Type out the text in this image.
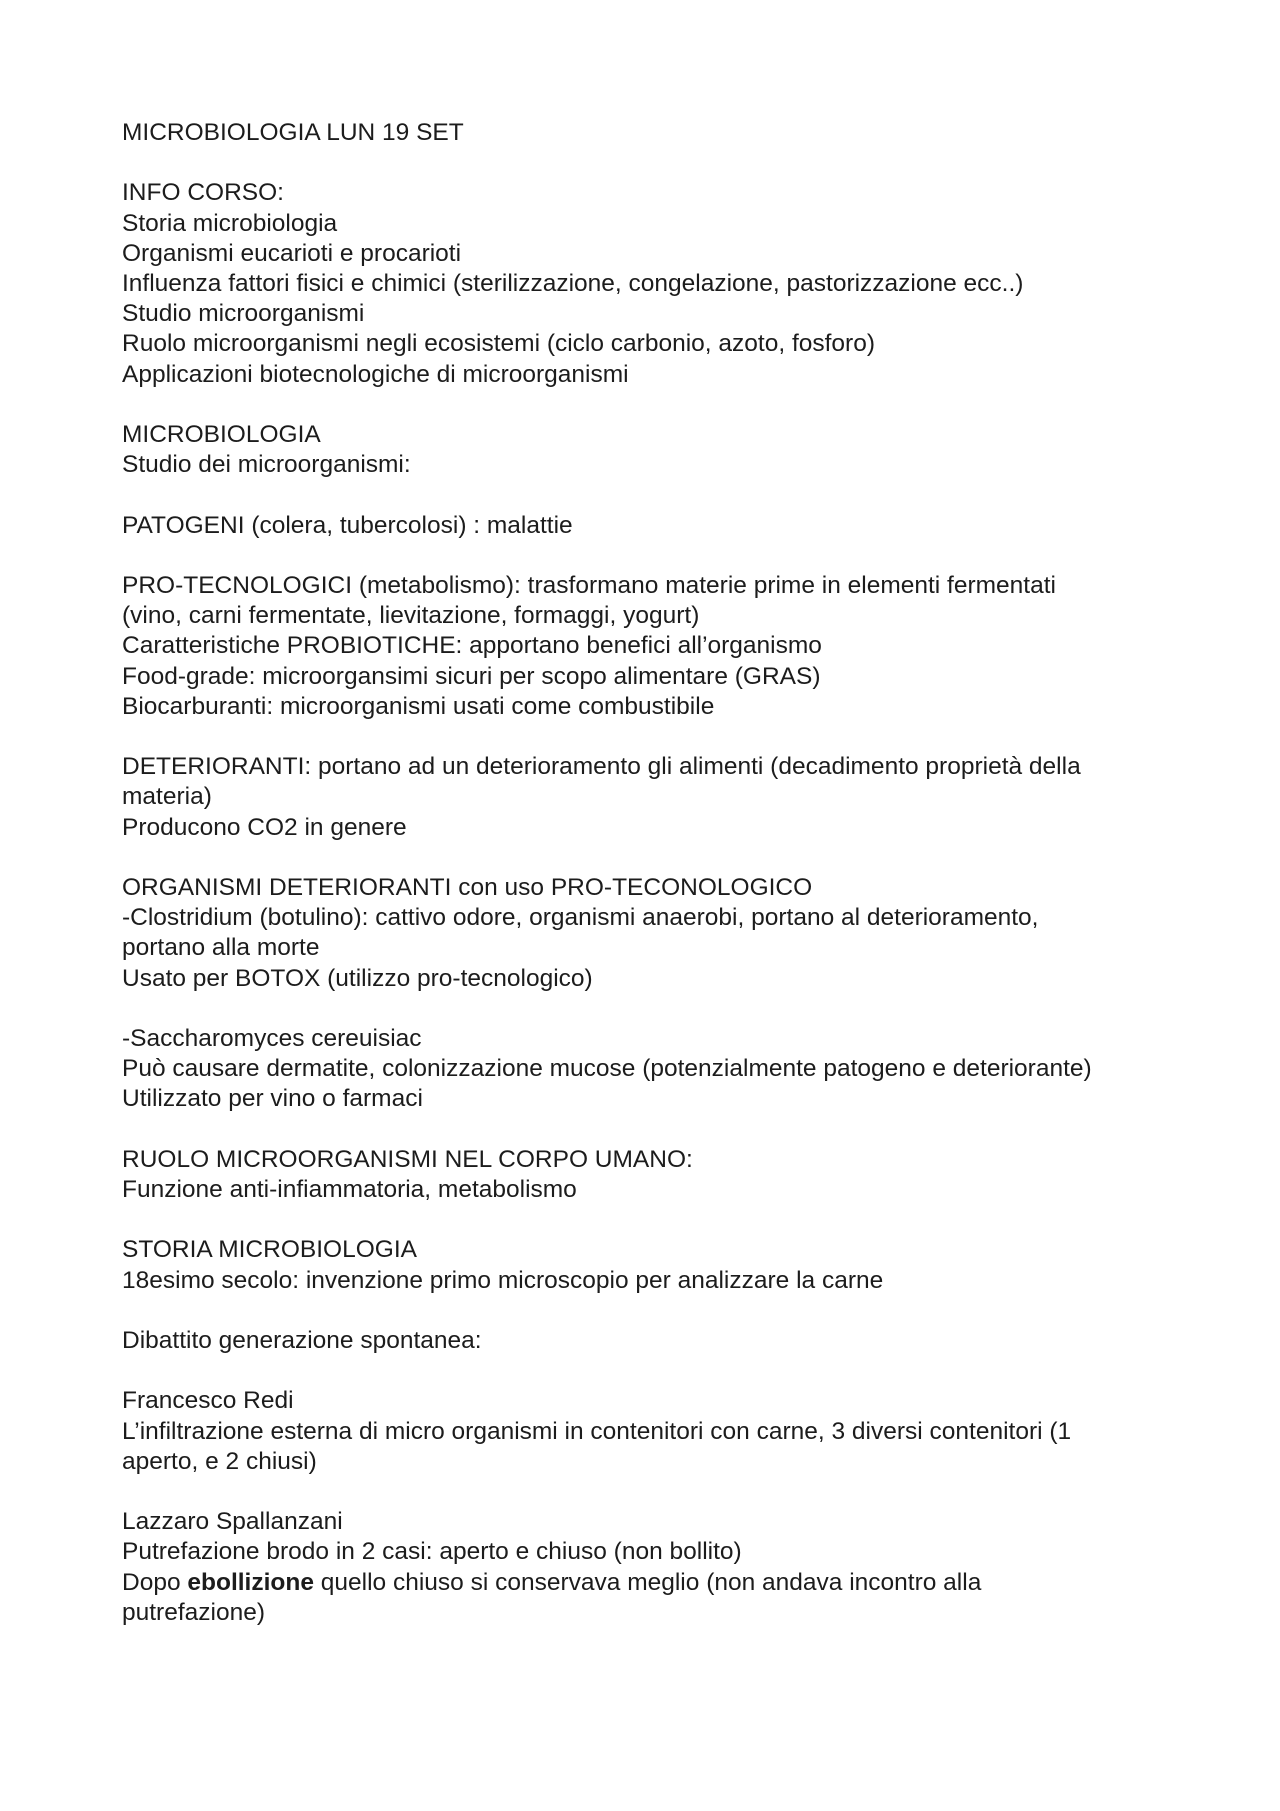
MICROBIOLOGIA LUN 19 SET
INFO CORSO:
Storia microbiologia
Organismi eucarioti e procarioti
Influenza fattori fisici e chimici (sterilizzazione, congelazione, pastorizzazione ecc..)
Studio microorganismi
Ruolo microorganismi negli ecosistemi (ciclo carbonio, azoto, fosforo)
Applicazioni biotecnologiche di microorganismi
MICROBIOLOGIA
Studio dei microorganismi:
PATOGENI (colera, tubercolosi) : malattie
PRO-TECNOLOGICI (metabolismo): trasformano materie prime in elementi fermentati
(vino, carni fermentate, lievitazione, formaggi, yogurt)
Caratteristiche PROBIOTICHE: apportano benefici all’organismo
Food-grade: microorgansimi sicuri per scopo alimentare (GRAS)
Biocarburanti: microorganismi usati come combustibile
DETERIORANTI: portano ad un deterioramento gli alimenti (decadimento proprietà della
materia)
Producono CO2 in genere
ORGANISMI DETERIORANTI con uso PRO-TECONOLOGICO
-Clostridium (botulino): cattivo odore, organismi anaerobi, portano al deterioramento,
portano alla morte
Usato per BOTOX (utilizzo pro-tecnologico)
-Saccharomyces cereuisiac
Può causare dermatite, colonizzazione mucose (potenzialmente patogeno e deteriorante)
Utilizzato per vino o farmaci
RUOLO MICROORGANISMI NEL CORPO UMANO:
Funzione anti-infiammatoria, metabolismo
STORIA MICROBIOLOGIA
18esimo secolo: invenzione primo microscopio per analizzare la carne
Dibattito generazione spontanea:
Francesco Redi
L’infiltrazione esterna di micro organismi in contenitori con carne, 3 diversi contenitori (1
aperto, e 2 chiusi)
Lazzaro Spallanzani
Putrefazione brodo in 2 casi: aperto e chiuso (non bollito)
Dopo ebollizione quello chiuso si conservava meglio (non andava incontro alla
putrefazione)
